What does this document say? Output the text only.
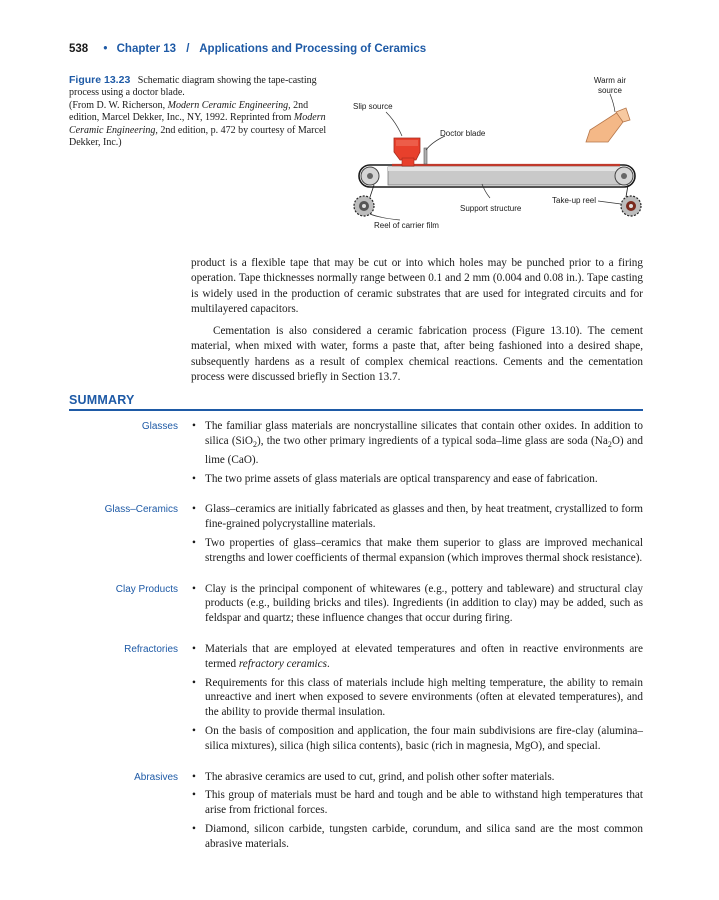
538 • Chapter 13 / Applications and Processing of Ceramics
Figure 13.23 Schematic diagram showing the tape-casting process using a doctor blade.
(From D. W. Richerson, Modern Ceramic Engineering, 2nd edition, Marcel Dekker, Inc., NY, 1992. Reprinted from Modern Ceramic Engineering, 2nd edition, p. 472 by courtesy of Marcel Dekker, Inc.)
Slip source
Doctor blade
Warm air
source
Take-up reel
Support structure
Reel of carrier film

product is a flexible tape that may be cut or into which holes may be punched prior to a firing operation. Tape thicknesses normally range between 0.1 and 2 mm (0.004 and 0.08 in.). Tape casting is widely used in the production of ceramic substrates that are used for integrated circuits and for multilayered capacitors.

Cementation is also considered a ceramic fabrication process (Figure 13.10). The cement material, when mixed with water, forms a paste that, after being fashioned into a desired shape, subsequently hardens as a result of complex chemical reactions. Cements and the cementation process were discussed briefly in Section 13.7.

SUMMARY
Glasses	• The familiar glass materials are noncrystalline silicates that contain other oxides. In addition to silica (SiO$_2$), the two other primary ingredients of a typical soda–lime glass are soda $(Na_2O)$ and lime (CaO).
• The two prime assets of glass materials are optical transparency and ease of fabrication.
Glass–Ceramics	• Glass–ceramics are initially fabricated as glasses and then, by heat treatment, crystallized to form fine-grained polycrystalline materials.
• Two properties of glass–ceramics that make them superior to glass are improved mechanical strengths and lower coefficients of thermal expansion (which improves thermal shock resistance).
Clay Products	• Clay is the principal component of whitewares (e.g., pottery and tableware) and structural clay products (e.g., building bricks and tiles). Ingredients (in addition to clay) may be added, such as feldspar and quartz; these influence changes that occur during firing.
Refractories	• Materials that are employed at elevated temperatures and often in reactive environments are termed refractory ceramics.
• Requirements for this class of materials include high melting temperature, the ability to remain unreactive and inert when exposed to severe environments (often at elevated temperatures), and the ability to provide thermal insulation.
• On the basis of composition and application, the four main subdivisions are fire-clay (alumina–silica mixtures), silica (high silica contents), basic (rich in magnesia, MgO), and special.
Abrasives	• The abrasive ceramics are used to cut, grind, and polish other softer materials.
• This group of materials must be hard and tough and be able to withstand high temperatures that arise from frictional forces.
• Diamond, silicon carbide, tungsten carbide, corundum, and silica sand are the most common abrasive materials.
